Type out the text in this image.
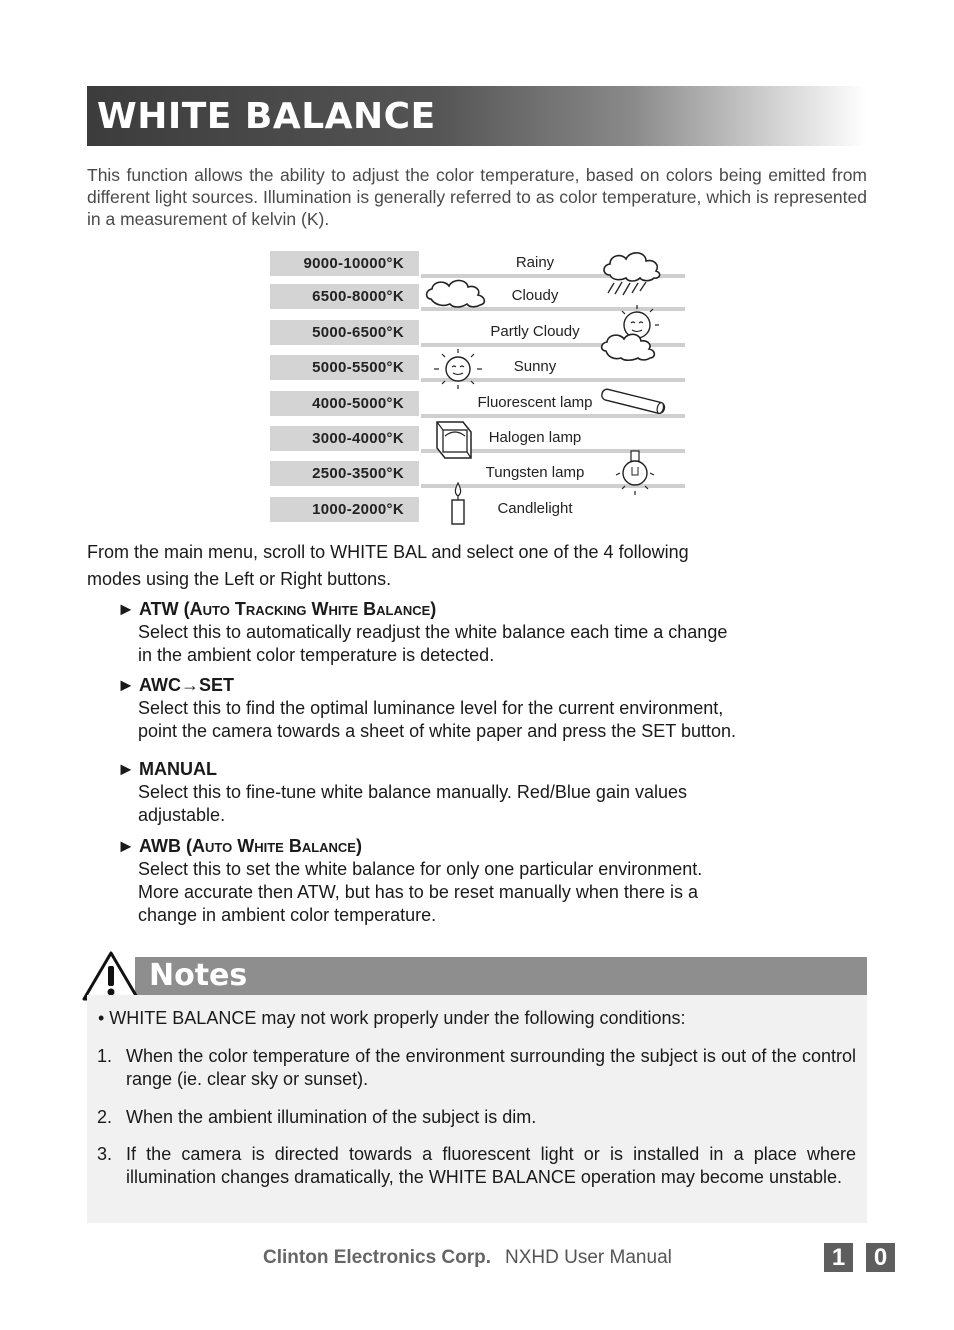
WHITE BALANCE
This function allows the ability to adjust the color temperature, based on colors being emitted from different light sources. Illumination is generally referred to as color temperature, which is represented in a measurement of kelvin (K).
9000-10000°K	Rainy
6500-8000°K	Cloudy
5000-6500°K	Partly Cloudy
5000-5500°K	Sunny
4000-5000°K	Fluorescent lamp
3000-4000°K	Halogen lamp
2500-3500°K	Tungsten lamp
1000-2000°K	Candlelight
From the main menu, scroll to WHITE BAL and select one of the 4 following
modes using the Left or Right buttons.
► ATW (Auto Tracking White Balance)
Select this to automatically readjust the white balance each time a change
in the ambient color temperature is detected.
► AWC→SET
Select this to find the optimal luminance level for the current environment,
point the camera towards a sheet of white paper and press the SET button.
► MANUAL
Select this to fine-tune white balance manually. Red/Blue gain values
adjustable.
► AWB (Auto White Balance)
Select this to set the white balance for only one particular environment.
More accurate then ATW, but has to be reset manually when there is a
change in ambient color temperature.
Notes
• WHITE BALANCE may not work properly under the following conditions:
1. When the color temperature of the environment surrounding the subject is out of the control range (ie. clear sky or sunset).
2. When the ambient illumination of the subject is dim.
3. If the camera is directed towards a fluorescent light or is installed in a place where illumination changes dramatically, the WHITE BALANCE operation may become unstable.
Clinton Electronics Corp. NXHD User Manual	1	0
